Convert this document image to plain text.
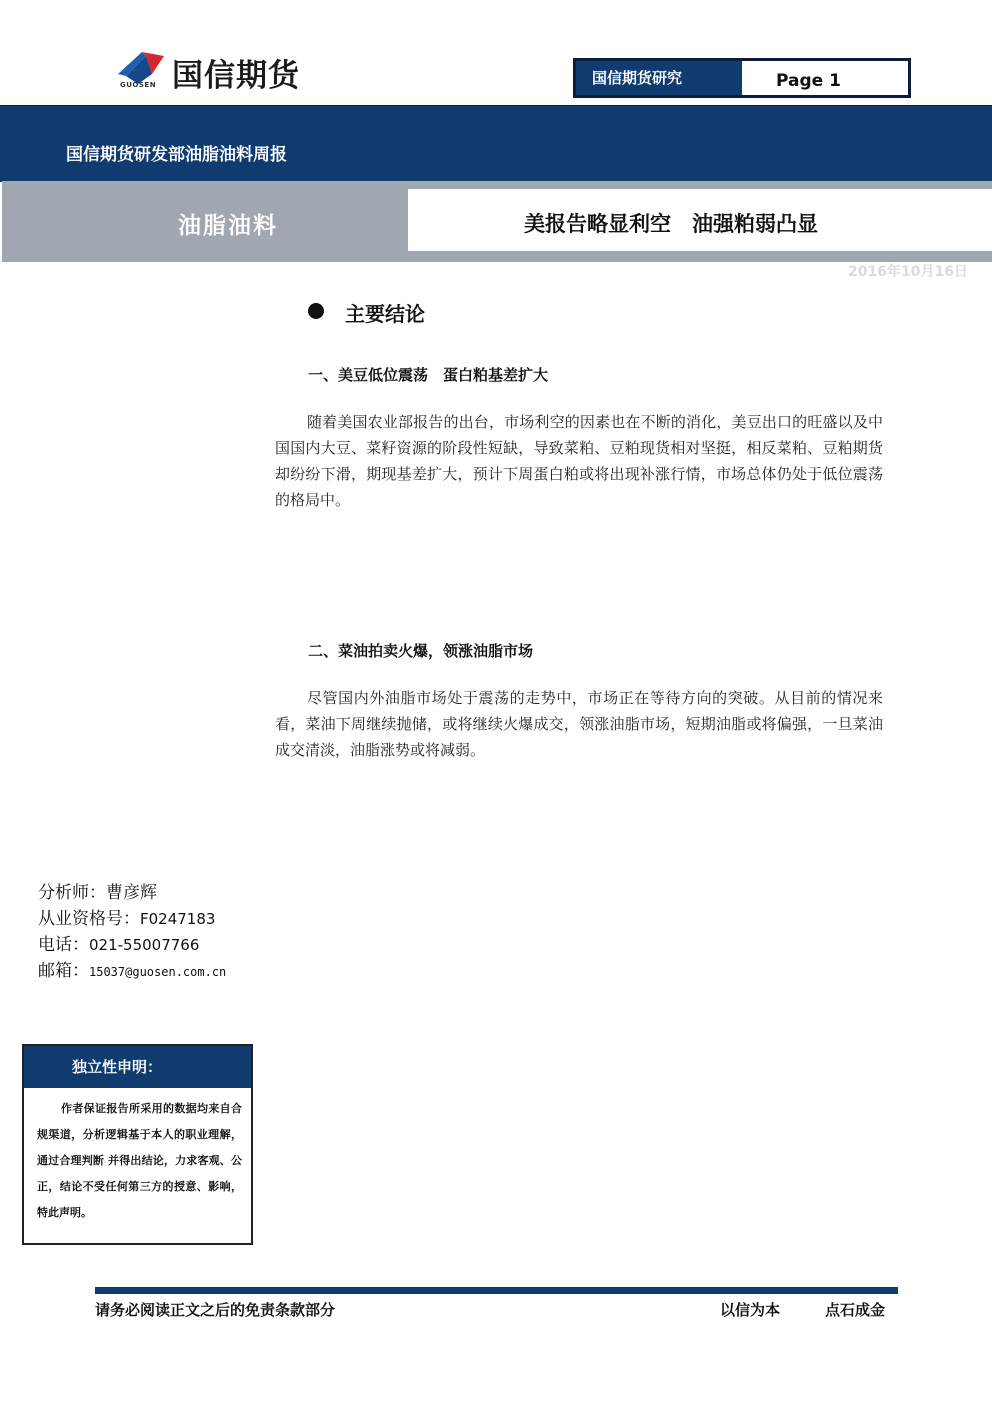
国信期货
GUOSEN	国信期货研究	Page 1
国信期货研发部油脂油料周报
油脂油料	美报告略显利空　油强粕弱凸显
2016年10月16日
主要结论
一、美豆低位震荡　蛋白粕基差扩大
随着美国农业部报告的出台，市场利空的因素也在不断的消化，美豆出口的旺盛以及中国国内大豆、菜籽资源的阶段性短缺，导致菜粕、豆粕现货相对坚挺，相反菜粕、豆粕期货却纷纷下滑，期现基差扩大，预计下周蛋白粕或将出现补涨行情，市场总体仍处于低位震荡的格局中。
二、菜油拍卖火爆，领涨油脂市场
尽管国内外油脂市场处于震荡的走势中，市场正在等待方向的突破。从目前的情况来看，菜油下周继续抛储，或将继续火爆成交，领涨油脂市场，短期油脂或将偏强，一旦菜油成交清淡，油脂涨势或将减弱。
分析师：曹彦辉
从业资格号：F0247183
电话：021-55007766
邮箱：15037@guosen.com.cn
独立性申明：
作者保证报告所采用的数据均来自合规渠道，分析逻辑基于本人的职业理解，通过合理判断 并得出结论，力求客观、公正，结论不受任何第三方的授意、影响，特此声明。
请务必阅读正文之后的免责条款部分	以信为本	点石成金
